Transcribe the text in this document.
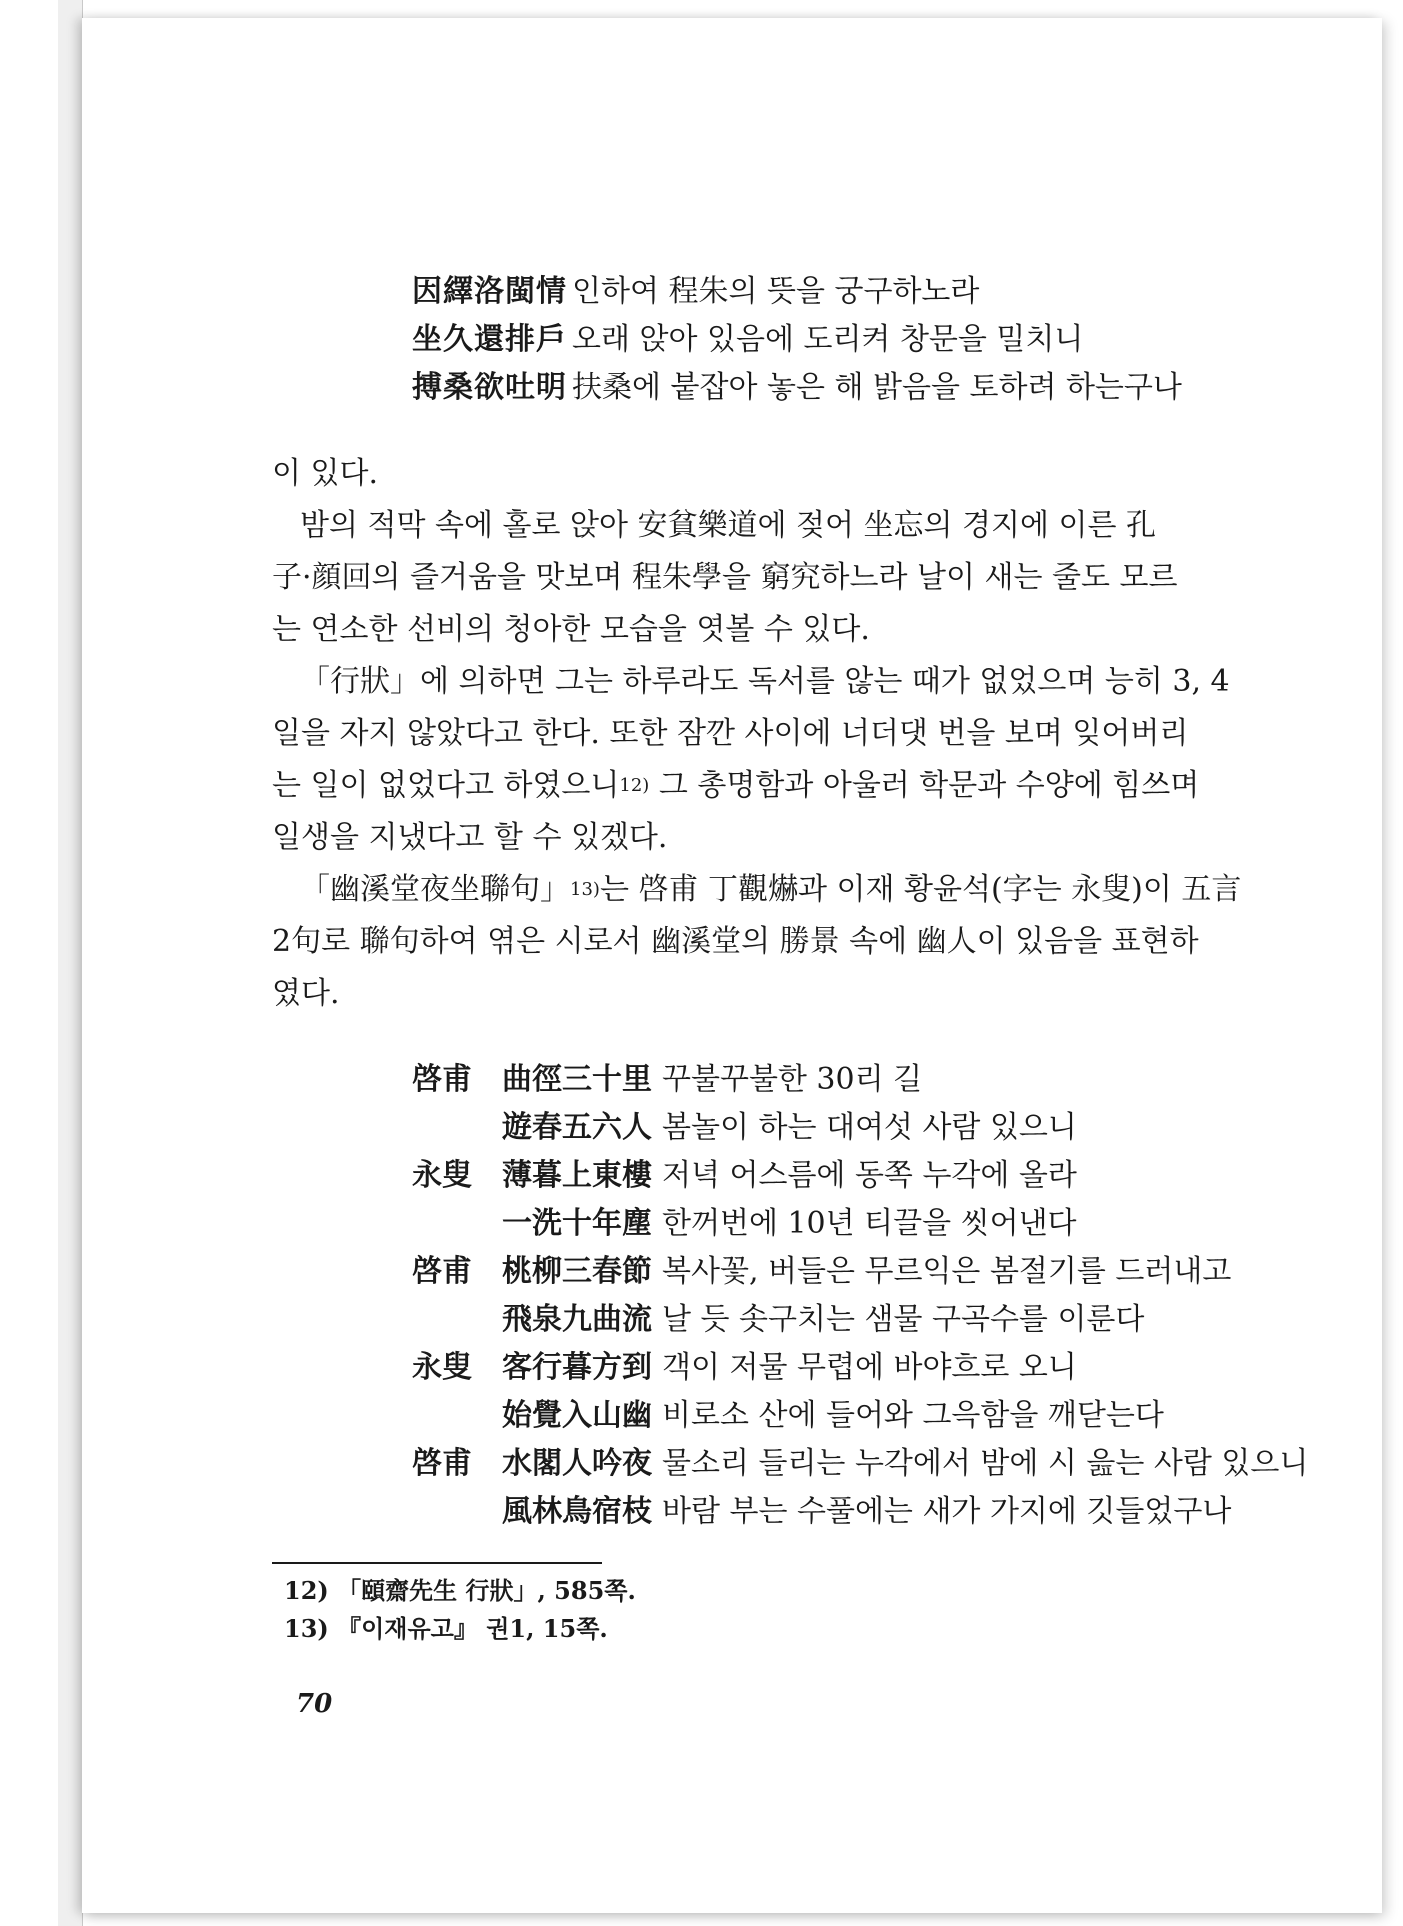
因繹洛閩情 인하여 程朱의 뜻을 궁구하노라
坐久還排戶 오래 앉아 있음에 도리켜 창문을 밀치니
搏桑欲吐明 扶桑에 붙잡아 놓은 해 밝음을 토하려 하는구나

이 있다.

밤의 적막 속에 홀로 앉아 安貧樂道에 젖어 坐忘의 경지에 이른 孔

子·顔回의 즐거움을 맛보며 程朱學을 窮究하느라 날이 새는 줄도 모르

는 연소한 선비의 청아한 모습을 엿볼 수 있다.

「行狀」에 의하면 그는 하루라도 독서를 않는 때가 없었으며 능히 3, 4

일을 자지 않았다고 한다. 또한 잠깐 사이에 너더댓 번을 보며 잊어버리

는 일이 없었다고 하였으니 12) 그 총명함과 아울러 학문과 수양에 힘쓰며

일생을 지냈다고 할 수 있겠다.

「幽溪堂夜坐聯句」 13) 는 啓甫 丁觀爀과 이재 황윤석(字는 永叟)이 五言

2句로 聯句하여 엮은 시로서 幽溪堂의 勝景 속에 幽人이 있음을 표현하

였다.

啓甫	曲徑三十里 꾸불꾸불한 30리 길
遊春五六人 봄놀이 하는 대여섯 사람 있으니
永叟	薄暮上東樓 저녁 어스름에 동쪽 누각에 올라
一洗十年塵 한꺼번에 10년 티끌을 씻어낸다
啓甫	桃柳三春節 복사꽃, 버들은 무르익은 봄절기를 드러내고
飛泉九曲流 날 듯 솟구치는 샘물 구곡수를 이룬다
永叟	客行暮方到 객이 저물 무렵에 바야흐로 오니
始覺入山幽 비로소 산에 들어와 그윽함을 깨닫는다
啓甫	水閣人吟夜 물소리 들리는 누각에서 밤에 시 읊는 사람 있으니
風林鳥宿枝 바람 부는 수풀에는 새가 가지에 깃들었구나
12) 「頤齋先生 行狀」, 585쪽.
13) 『이재유고』 권1, 15쪽.
70
